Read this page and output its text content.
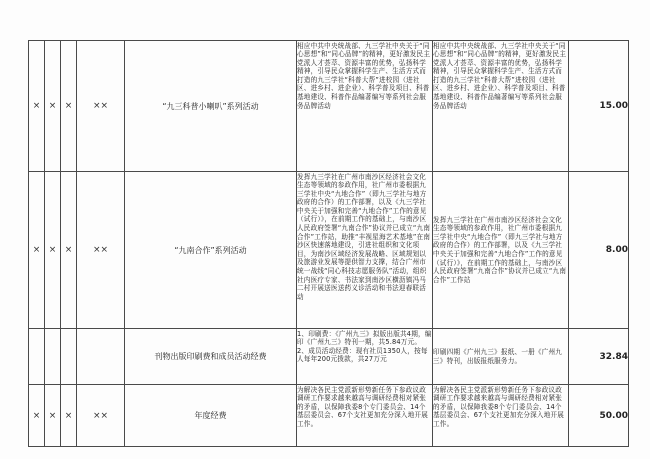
×	×	×	××	“九三科普小喇叭”系列活动	相应中共中央统战部、九三学社中央关于“同心思想”和“同心品牌”的精神，更好激发民主党派人才荟萃、资源丰富的优势，弘扬科学精神，引导民众掌握科学生产、生活方式而打造的九三学社“科普大帮”进校园（进社区、进乡村、进企业）、科学普及项目、科普基地建设、科普作品编著编写等系列社会服务品牌活动	相应中共中央统战部、九三学社中央关于“同心思想”和“同心品牌”的精神，更好激发民主党派人才荟萃、资源丰富的优势，弘扬科学精神，引导民众掌握科学生产、生活方式而打造的九三学社“科普大帮”进校园（进社区、进乡村、进企业）、科学普及项目、科普基地建设、科普作品编著编写等系列社会服务品牌活动	15.00
×	×	×	××	“九南合作”系列活动	发挥九三学社在广州市南沙区经济社会文化生态等领域的参政作用，社广州市委根据九三学社中央“九地合作”（即九三学社与地方政府的合作）的工作部署，以及《九三学社中央关于加强和完善“九地合作”工作的意见（试行）》，在前期工作的基础上，与南沙区人民政府签署“九南合作”协议并已成立“九南合作”工作站，助推“丰视星海艺术基地”在南沙区快速落地建设，引进社组织和文化项目，为南沙区域经济发展战略、区域规划以及旅游业发展等提供智力支撑，结合广州市统一战线“同心科技志愿服务队”活动，组织社内医疗专家、书法家到南沙区横沥镇冯马二村开展送医送药义诊活动和书法迎春联活动	发挥九三学社在广州市南沙区经济社会文化生态等领域的参政作用，社广州市委根据九三学社中央“九地合作”（即九三学社与地方政府的合作）的工作部署，以及《九三学社中央关于加强和完善“九地合作”工作的意见（试行）》，在前期工作的基础上，与南沙区人民政府签署“九南合作”协议并已成立“九南合作”工作站	8.00
				刊物出版印刷费和成员活动经费	1、印刷费：《广州九三》拟版出版共4期，编印《广州九三》特刊一期，共5.84万元。 2、成员活动经费：现有社员1350人，按每人每年200元拨款，共27万元	印刷四期《广州九三》报纸、一册《广州九三》特刊，出版报纸服务力。	32.84
×	×	×	××	年度经费	为解决各民主党派新形势新任务下参政议政调研工作要求越来越高与调研经费相对紧张的矛盾，以保障我委8个专门委员会、14个基层委员会、67个支社更加充分深入地开展工作。	为解决各民主党派新形势新任务下参政议政调研工作要求越来越高与调研经费相对紧张的矛盾，以保障我委8个专门委员会、14个基层委员会、67个支社更加充分深入地开展工作。	50.00
